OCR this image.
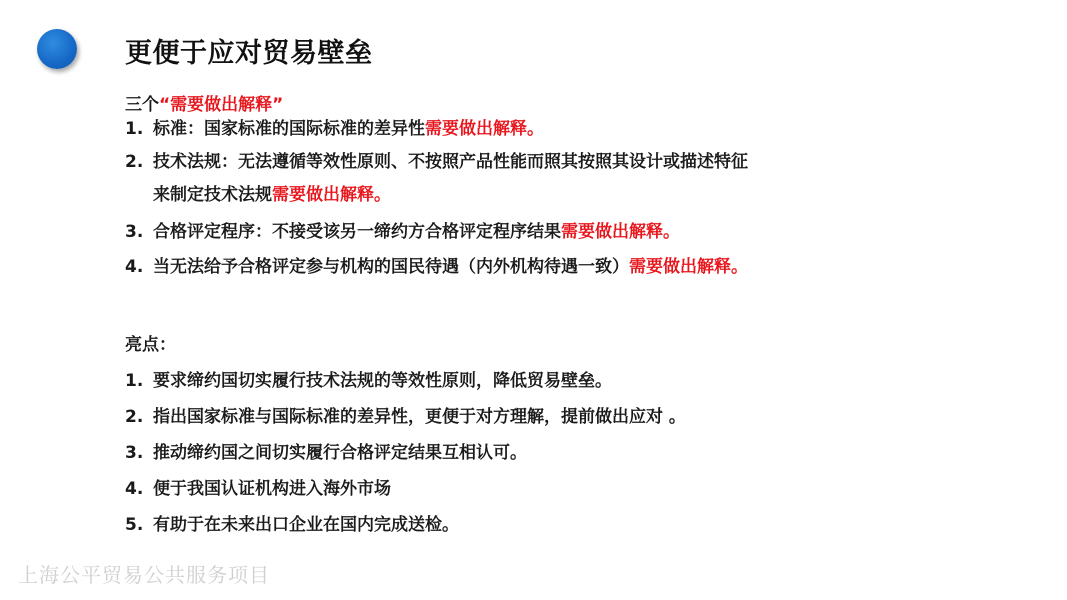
更便于应对贸易壁垒
三个“需要做出解释”
1. 标准：国家标准的国际标准的差异性需要做出解释。
2. 技术法规：无法遵循等效性原则、不按照产品性能而照其按照其设计或描述特征
来制定技术法规需要做出解释。
3. 合格评定程序：不接受该另一缔约方合格评定程序结果需要做出解释。
4. 当无法给予合格评定参与机构的国民待遇（内外机构待遇一致）需要做出解释。
亮点：
1. 要求缔约国切实履行技术法规的等效性原则，降低贸易壁垒。
2. 指出国家标准与国际标准的差异性，更便于对方理解，提前做出应对 。
3. 推动缔约国之间切实履行合格评定结果互相认可。
4. 便于我国认证机构进入海外市场
5. 有助于在未来出口企业在国内完成送检。
上海公平贸易公共服务项目
